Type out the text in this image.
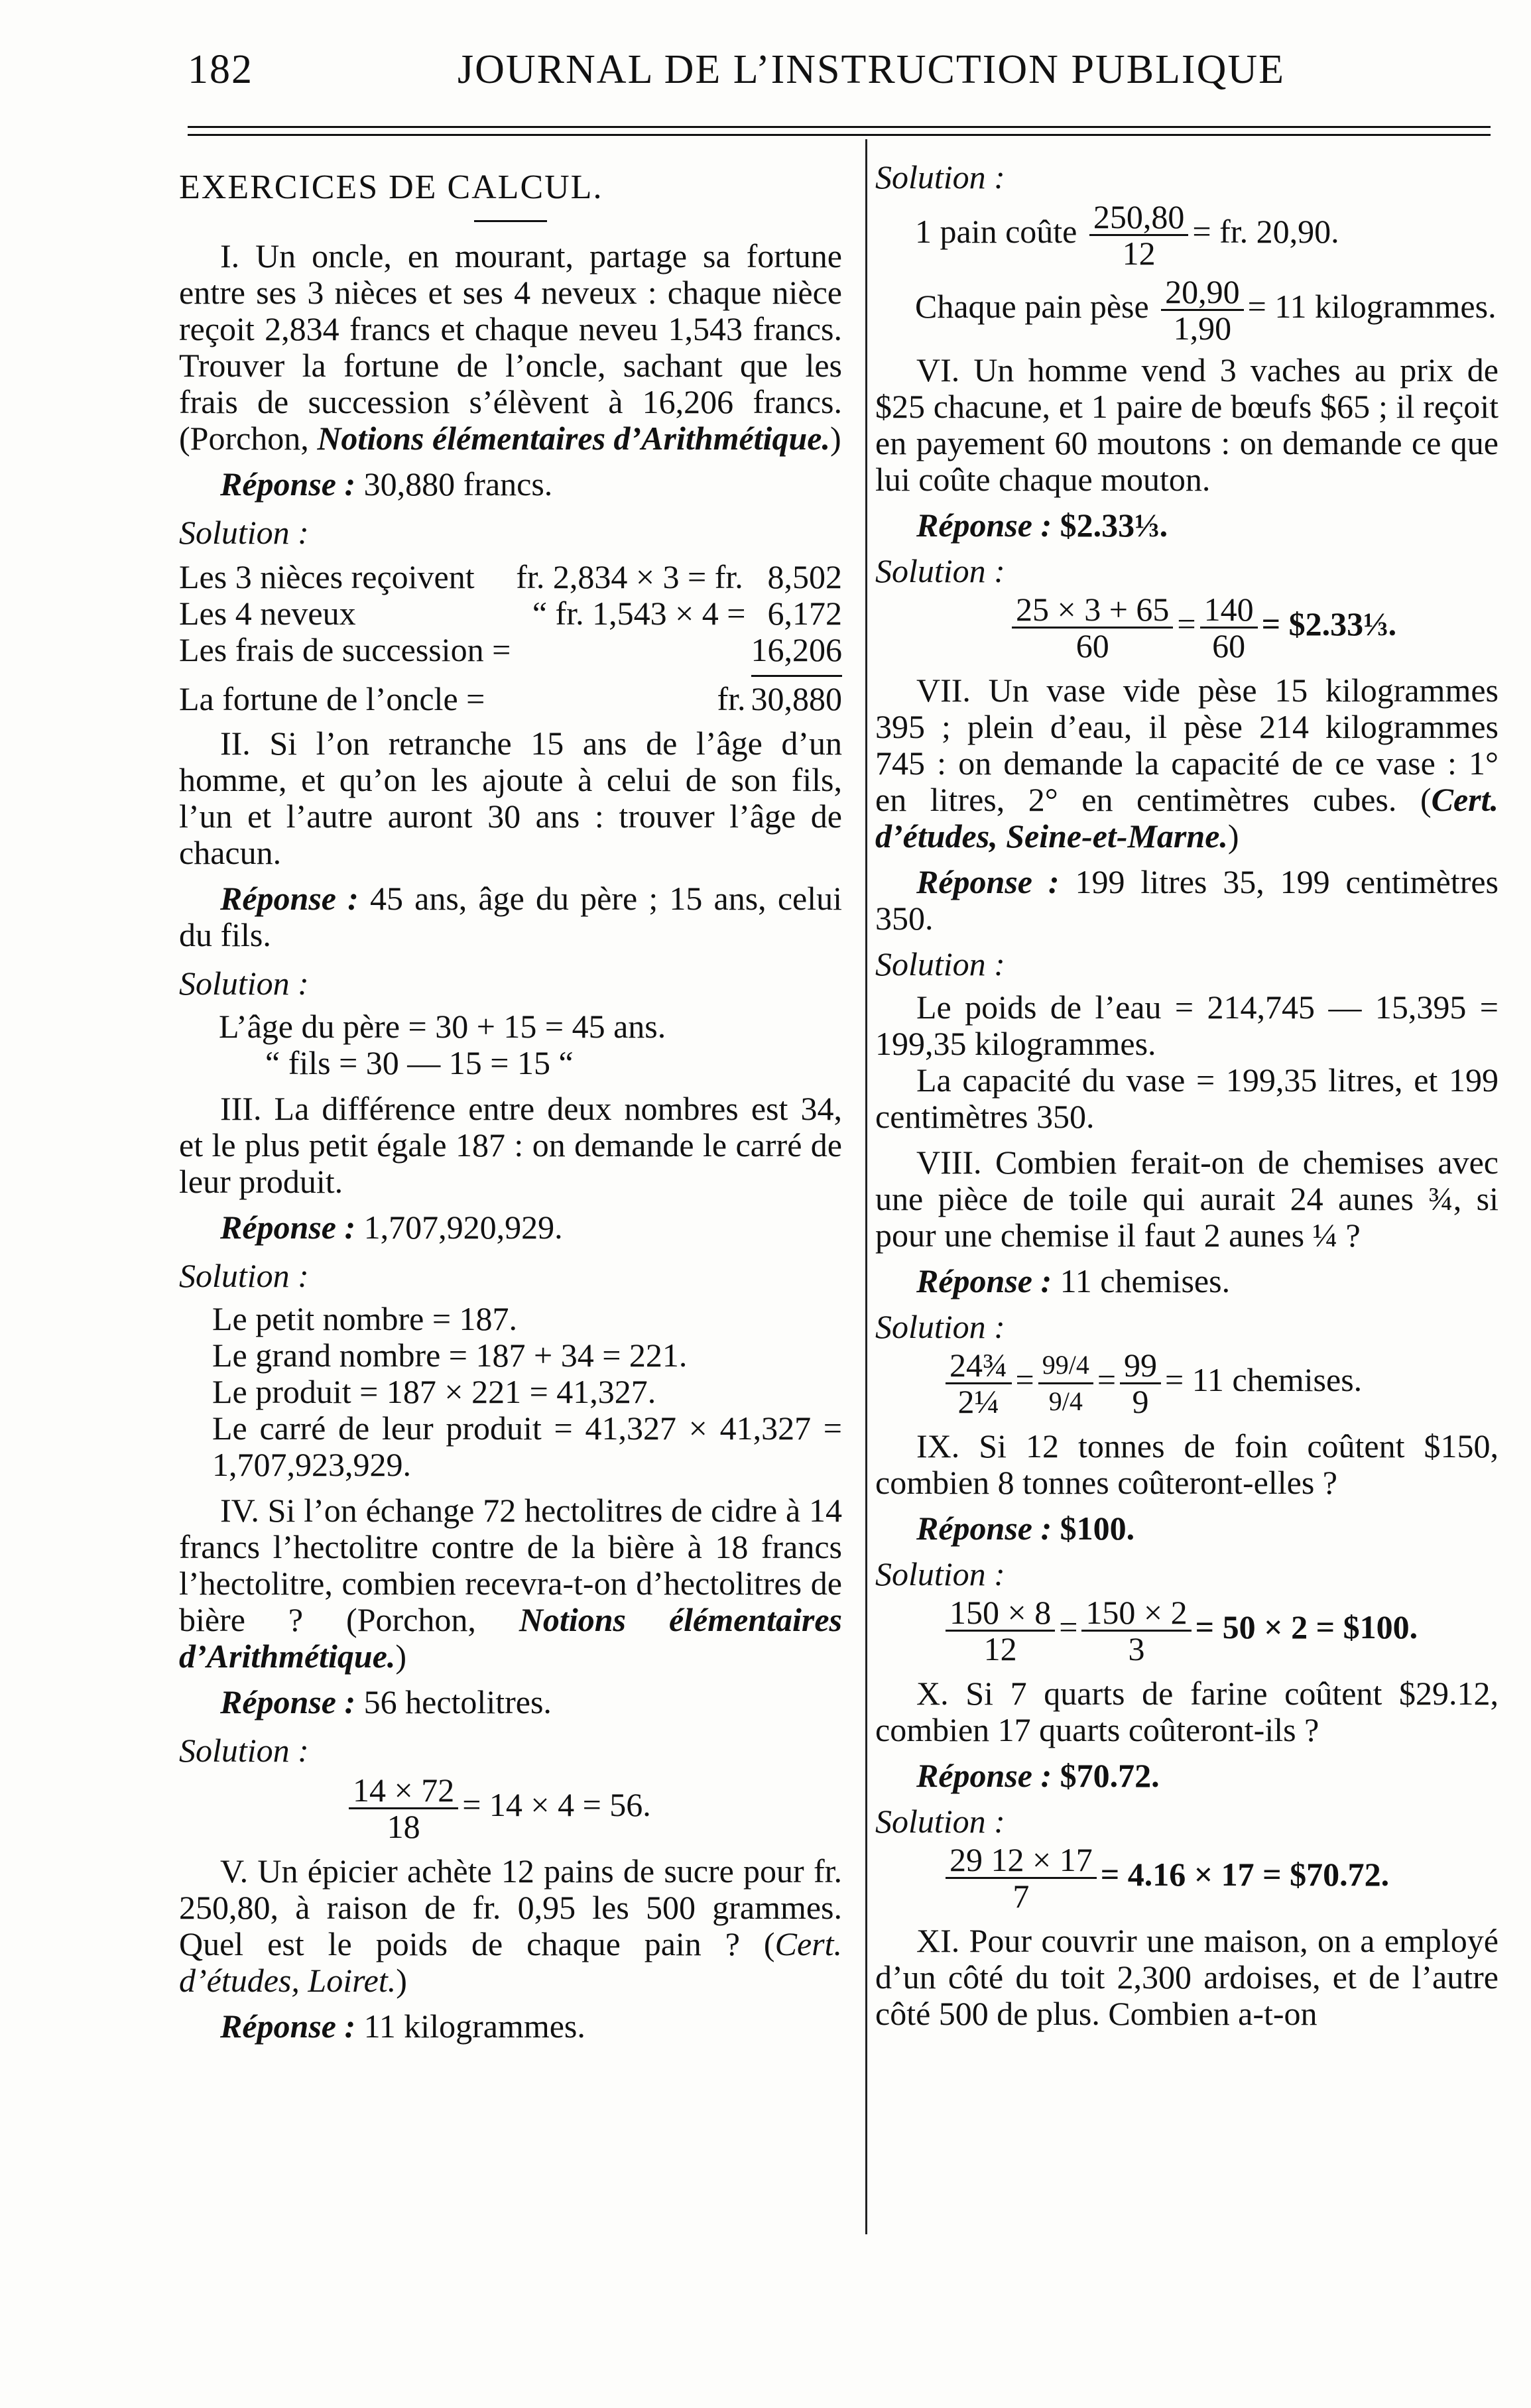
182	JOURNAL DE L’INSTRUCTION PUBLIQUE

EXERCICES DE CALCUL.

I. Un oncle, en mourant, partage sa fortune entre ses 3 nièces et ses 4 neveux : chaque nièce reçoit 2,834 francs et chaque neveu 1,543 francs. Trouver la fortune de l’oncle, sachant que les frais de succession s’élèvent à 16,206 francs. (Porchon, Notions élémentaires d’Arithmétique.)

Réponse : 30,880 francs.

Solution :

Les 3 nièces reçoivent	fr. 2,834 × 3 = fr. 8,502
Les 4 neveux	“ fr. 1,543 × 4 = 6,172
Les frais de succession =	16,206
La fortune de l’oncle =	fr. 30,880

II. Si l’on retranche 15 ans de l’âge d’un homme, et qu’on les ajoute à celui de son fils, l’un et l’autre auront 30 ans : trouver l’âge de chacun.

Réponse : 45 ans, âge du père ; 15 ans, celui du fils.

Solution :

L’âge du père = 30 + 15 = 45 ans.

“ fils = 30 — 15 = 15 “

III. La différence entre deux nombres est 34, et le plus petit égale 187 : on demande le carré de leur produit.

Réponse : 1,707,920,929.

Solution :

Le petit nombre = 187.

Le grand nombre = 187 + 34 = 221.

Le produit = 187 × 221 = 41,327.

Le carré de leur produit = 41,327 × 41,327 = 1,707,923,929.

IV. Si l’on échange 72 hectolitres de cidre à 14 francs l’hectolitre contre de la bière à 18 francs l’hectolitre, combien recevra-t-on d’hectolitres de bière ? (Porchon, Notions élémentaires d’Arithmétique.)

Réponse : 56 hectolitres.

Solution :

$\frac{14 \times 72}{18} = 14 \times 4 = 56$.

V. Un épicier achète 12 pains de sucre pour fr. 250,80, à raison de fr. 0,95 les 500 grammes. Quel est le poids de chaque pain ? (Cert. d’études, Loiret.)

Réponse : 11 kilogrammes.

Solution :

1 pain coûte $\frac{250,80}{12}$ = fr. 20,90.
Chaque pain pèse $\frac{20,90}{1,90} = 11$ kilogrammes.

VI. Un homme vend 3 vaches au prix de $25 chacune, et 1 paire de bœufs $65 ; il reçoit en payement 60 moutons : on demande ce que lui coûte chaque mouton.

Réponse : $2.33⅓.

Solution :

$\frac{25 \times 3 + 65}{60} = \frac{140}{60}$ = $2.33⅓.

VII. Un vase vide pèse 15 kilogrammes 395 ; plein d’eau, il pèse 214 kilogrammes 745 : on demande la capacité de ce vase : 1° en litres, 2° en centimètres cubes. (Cert. d’études, Seine-et-Marne.)

Réponse : 199 litres 35, 199 centimètres 350.

Solution :

Le poids de l’eau = 214,745 — 15,395 = 199,35 kilogrammes.

La capacité du vase = 199,35 litres, et 199 centimètres 350.

VIII. Combien ferait-on de chemises avec une pièce de toile qui aurait 24 aunes ¾, si pour une chemise il faut 2 aunes ¼ ?

Réponse : 11 chemises.

Solution :

$\frac{\text{24¾}}{\text{2¼}} = \frac{99/4}{9/4} = \frac{99}{9} = 11$ chemises.

IX. Si 12 tonnes de foin coûtent $150, combien 8 tonnes coûteront-elles ?

Réponse : $100.

Solution :

$\frac{150 \times 8}{12} = \frac{150 \times 2}{3} = 50 \times 2$ = $100.

X. Si 7 quarts de farine coûtent $29.12, combien 17 quarts coûteront-ils ?

Réponse : $70.72.

Solution :

$\frac{29 12 \times 17}{7} = 4.16 \times 17$ = $70.72.

XI. Pour couvrir une maison, on a employé d’un côté du toit 2,300 ardoises, et de l’autre côté 500 de plus. Combien a-t-on
